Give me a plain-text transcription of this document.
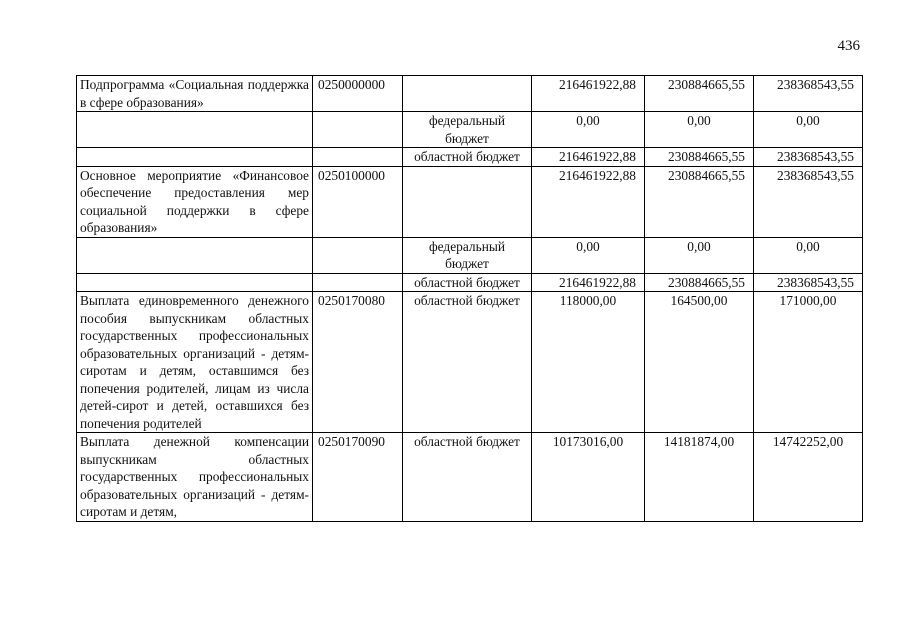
436
Подпрограмма «Социальная поддержка в сфере образования»	0250000000		216461922,88	230884665,55	238368543,55
		федеральный бюджет	0,00	0,00	0,00
		областной бюджет	216461922,88	230884665,55	238368543,55
Основное мероприятие «Финансовое обеспечение предоставления мер социальной поддержки в сфере образования»	0250100000		216461922,88	230884665,55	238368543,55
		федеральный бюджет	0,00	0,00	0,00
		областной бюджет	216461922,88	230884665,55	238368543,55
Выплата единовременного денежного пособия выпускникам областных государственных профессиональных образовательных организаций - детям-сиротам и детям, оставшимся без попечения родителей, лицам из числа детей-сирот и детей, оставшихся без попечения родителей	0250170080	областной бюджет	118000,00	164500,00	171000,00
Выплата денежной компенсации выпускникам областных государственных профессиональных образовательных организаций - детям-сиротам и детям,	0250170090	областной бюджет	10173016,00	14181874,00	14742252,00
